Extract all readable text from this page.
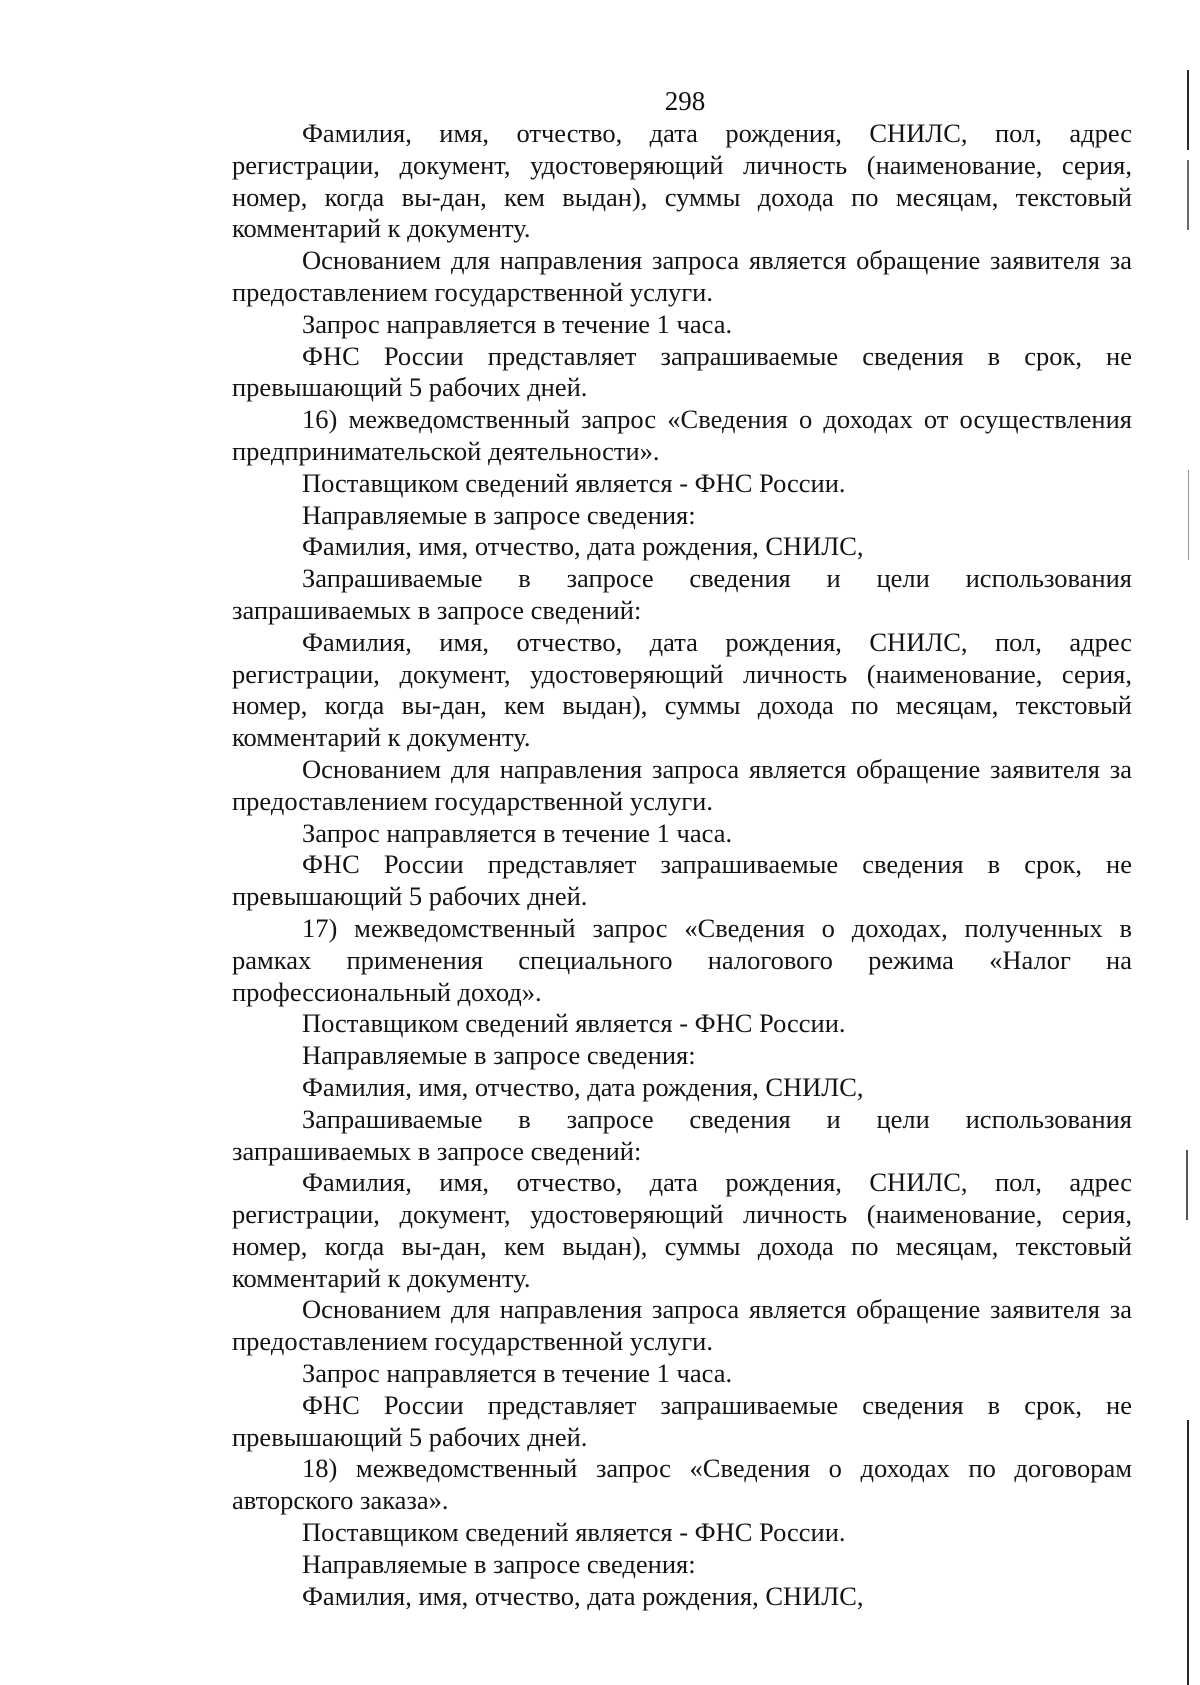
298

Фамилия, имя, отчество, дата рождения, СНИЛС, пол, адрес регистрации, документ, удостоверяющий личность (наименование, серия, номер, когда вы-дан, кем выдан), суммы дохода по месяцам, текстовый комментарий к документу.

Основанием для направления запроса является обращение заявителя за предоставлением государственной услуги.

Запрос направляется в течение 1 часа.

ФНС России представляет запрашиваемые сведения в срок, не превышающий 5 рабочих дней.

16) межведомственный запрос «Сведения о доходах от осуществления предпринимательской деятельности».

Поставщиком сведений является - ФНС России.

Направляемые в запросе сведения:

Фамилия, имя, отчество, дата рождения, СНИЛС,

Запрашиваемые в запросе сведения и цели использования запрашиваемых в запросе сведений:

Фамилия, имя, отчество, дата рождения, СНИЛС, пол, адрес регистрации, документ, удостоверяющий личность (наименование, серия, номер, когда вы-дан, кем выдан), суммы дохода по месяцам, текстовый комментарий к документу.

Основанием для направления запроса является обращение заявителя за предоставлением государственной услуги.

Запрос направляется в течение 1 часа.

ФНС России представляет запрашиваемые сведения в срок, не превышающий 5 рабочих дней.

17) межведомственный запрос «Сведения о доходах, полученных в рамках применения специального налогового режима «Налог на профессиональный доход».

Поставщиком сведений является - ФНС России.

Направляемые в запросе сведения:

Фамилия, имя, отчество, дата рождения, СНИЛС,

Запрашиваемые в запросе сведения и цели использования запрашиваемых в запросе сведений:

Фамилия, имя, отчество, дата рождения, СНИЛС, пол, адрес регистрации, документ, удостоверяющий личность (наименование, серия, номер, когда вы-дан, кем выдан), суммы дохода по месяцам, текстовый комментарий к документу.

Основанием для направления запроса является обращение заявителя за предоставлением государственной услуги.

Запрос направляется в течение 1 часа.

ФНС России представляет запрашиваемые сведения в срок, не превышающий 5 рабочих дней.

18) межведомственный запрос «Сведения о доходах по договорам авторского заказа».

Поставщиком сведений является - ФНС России.

Направляемые в запросе сведения:

Фамилия, имя, отчество, дата рождения, СНИЛС,
